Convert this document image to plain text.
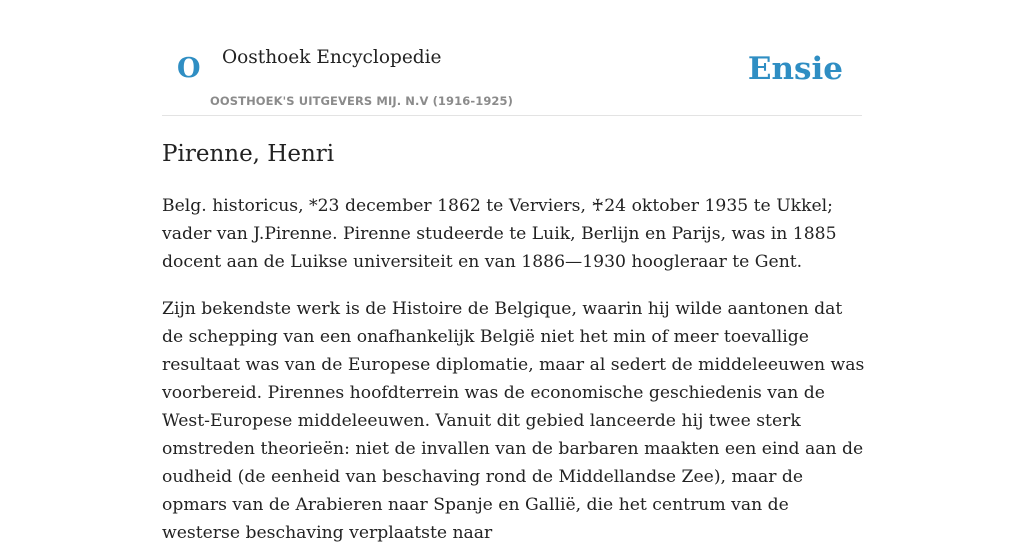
O Oosthoek Encyclopedie
OOSTHOEK'S UITGEVERS MIJ. N.V (1916-1925)
Ensie
Pirenne, Henri

Belg. historicus, *23 december 1862 te Verviers, ♰24 oktober 1935 te Ukkel; vader van J.Pirenne. Pirenne studeerde te Luik, Berlijn en Parijs, was in 1885 docent aan de Luikse universiteit en van 1886—1930 hoogleraar te Gent.

Zijn bekendste werk is de Histoire de Belgique, waarin hij wilde aantonen dat de schepping van een onafhankelijk België niet het min of meer toevallige resultaat was van de Europese diplomatie, maar al sedert de middeleeuwen was voorbereid. Pirennes hoofdterrein was de economische geschiedenis van de West-Europese middeleeuwen. Vanuit dit gebied lanceerde hij twee sterk omstreden theorieën: niet de invallen van de barbaren maakten een eind aan de oudheid (de eenheid van beschaving rond de Middellandse Zee), maar de opmars van de Arabieren naar Spanje en Gallië, die het centrum van de westerse beschaving verplaatste naar
